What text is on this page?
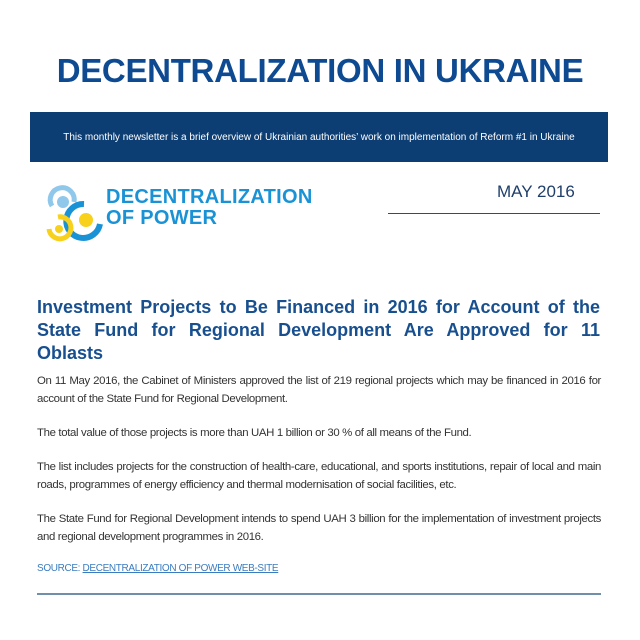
DECENTRALIZATION IN UKRAINE
This monthly newsletter is a brief overview of Ukrainian authorities’ work on implementation of Reform #1 in Ukraine
DECENTRALIZATION
OF POWER
MAY 2016
Investment Projects to Be Financed in 2016 for Account of the State Fund for Regional Development Are Approved for 11 Oblasts

On 11 May 2016, the Cabinet of Ministers approved the list of 219 regional projects which may be financed in 2016 for account of the State Fund for Regional Development.

The total value of those projects is more than UAH 1 billion or 30 % of all means of the Fund.

The list includes projects for the construction of health-care, educational, and sports institutions, repair of local and main roads, programmes of energy efficiency and thermal modernisation of social facilities, etc.

The State Fund for Regional Development intends to spend UAH 3 billion for the implementation of investment projects and regional development programmes in 2016.

SOURCE: DECENTRALIZATION OF POWER WEB-SITE
